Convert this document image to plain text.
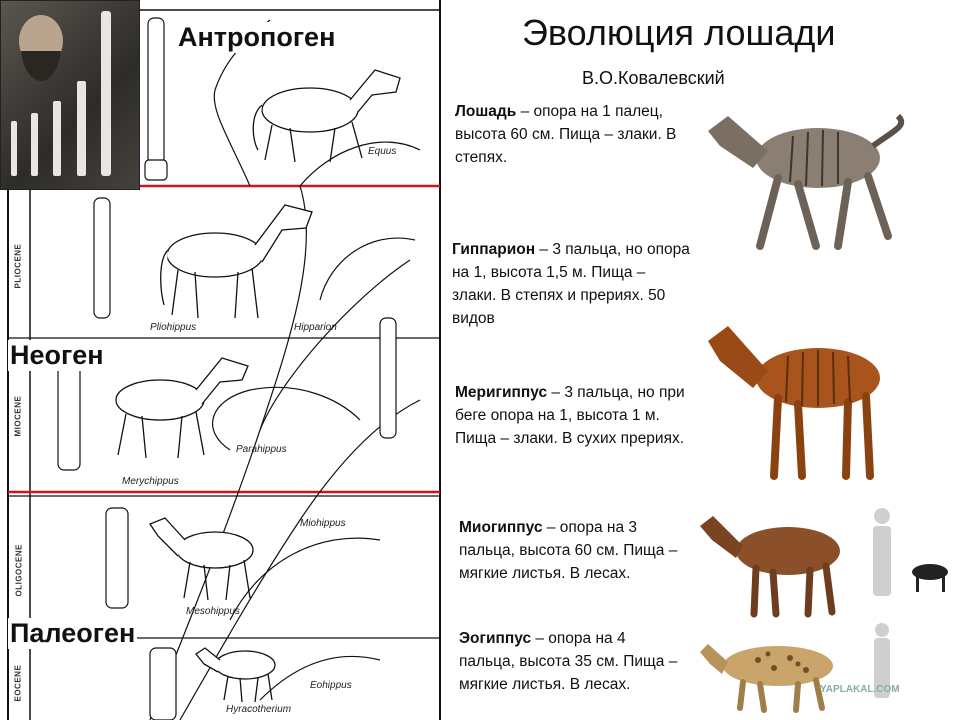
Антропоген
Неоген
Палеоген
PLIOCENE
MIOCENE
OLIGOCENE
EOCENE
Equus
Pliohippus	Hipparion
Parahippus
Merychippus
Miohippus
Mesohippus
Eohippus
Hyracotherium
Эволюция лошади
В.О.Ковалевский
Лошадь – опора на 1 палец, высота 60 см. Пища – злаки. В степях.
Гиппарион – 3 пальца, но опора на 1, высота 1,5 м. Пища – злаки. В степях и прериях. 50 видов
Меригиппус – 3 пальца, но при беге опора на 1, высота 1 м. Пища – злаки. В сухих прериях.
Миогиппус – опора на 3 пальца, высота 60 см. Пища – мягкие листья. В лесах.
Эогиппус – опора на 4 пальца, высота 35 см. Пища – мягкие листья. В лесах.	YAPLAKAL.COM
